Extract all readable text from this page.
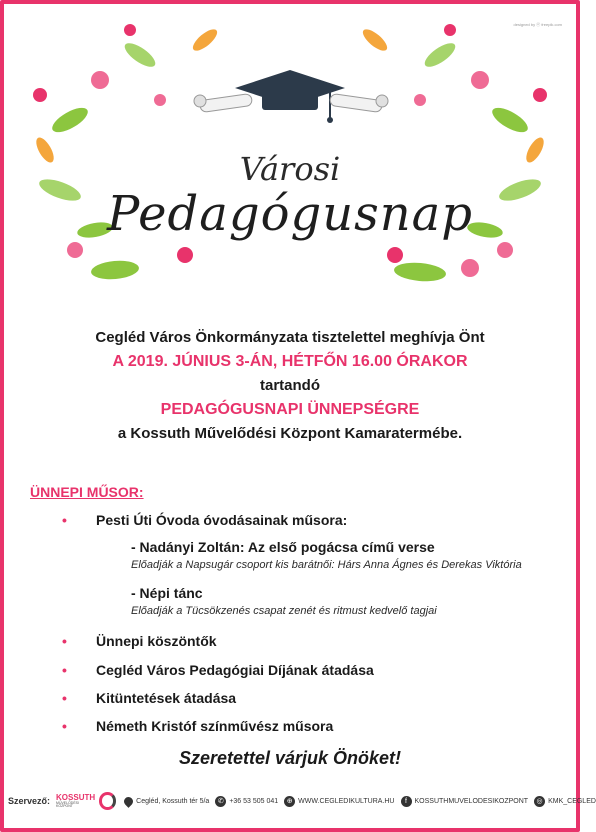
designed by ⓦ freepik.com
Városi
Pedagógusnap
Cegléd Város Önkormányzata tisztelettel meghívja Önt
A 2019. JÚNIUS 3-ÁN, HÉTFŐN 16.00 ÓRAKOR
tartandó
PEDAGÓGUSNAPI ÜNNEPSÉGRE
a Kossuth Művelődési Központ Kamaratermébe.
ÜNNEPI MŰSOR:
• Pesti Úti Óvoda óvodásainak műsora:
- Nadányi Zoltán: Az első pogácsa című verse
Előadják a Napsugár csoport kis barátnői: Hárs Anna Ágnes és Derekas Viktória
- Népi tánc
Előadják a Tücsökzenés csapat zenét és ritmust kedvelő tagjai
• Ünnepi köszöntők
• Cegléd Város Pedagógiai Díjának átadása
• Kitüntetések átadása
• Németh Kristóf színművész műsora
Szeretettel várjuk Önöket!
Szervező: KOSSUTH
MŰVELŐDÉSI KÖZPONT
Cegléd, Kossuth tér 5/a	✆ +36 53 505 041	⊕ WWW.CEGLEDIKULTURA.HU	f	KOSSUTHMUVELODESIKOZPONT	◎ KMK_CEGLED
